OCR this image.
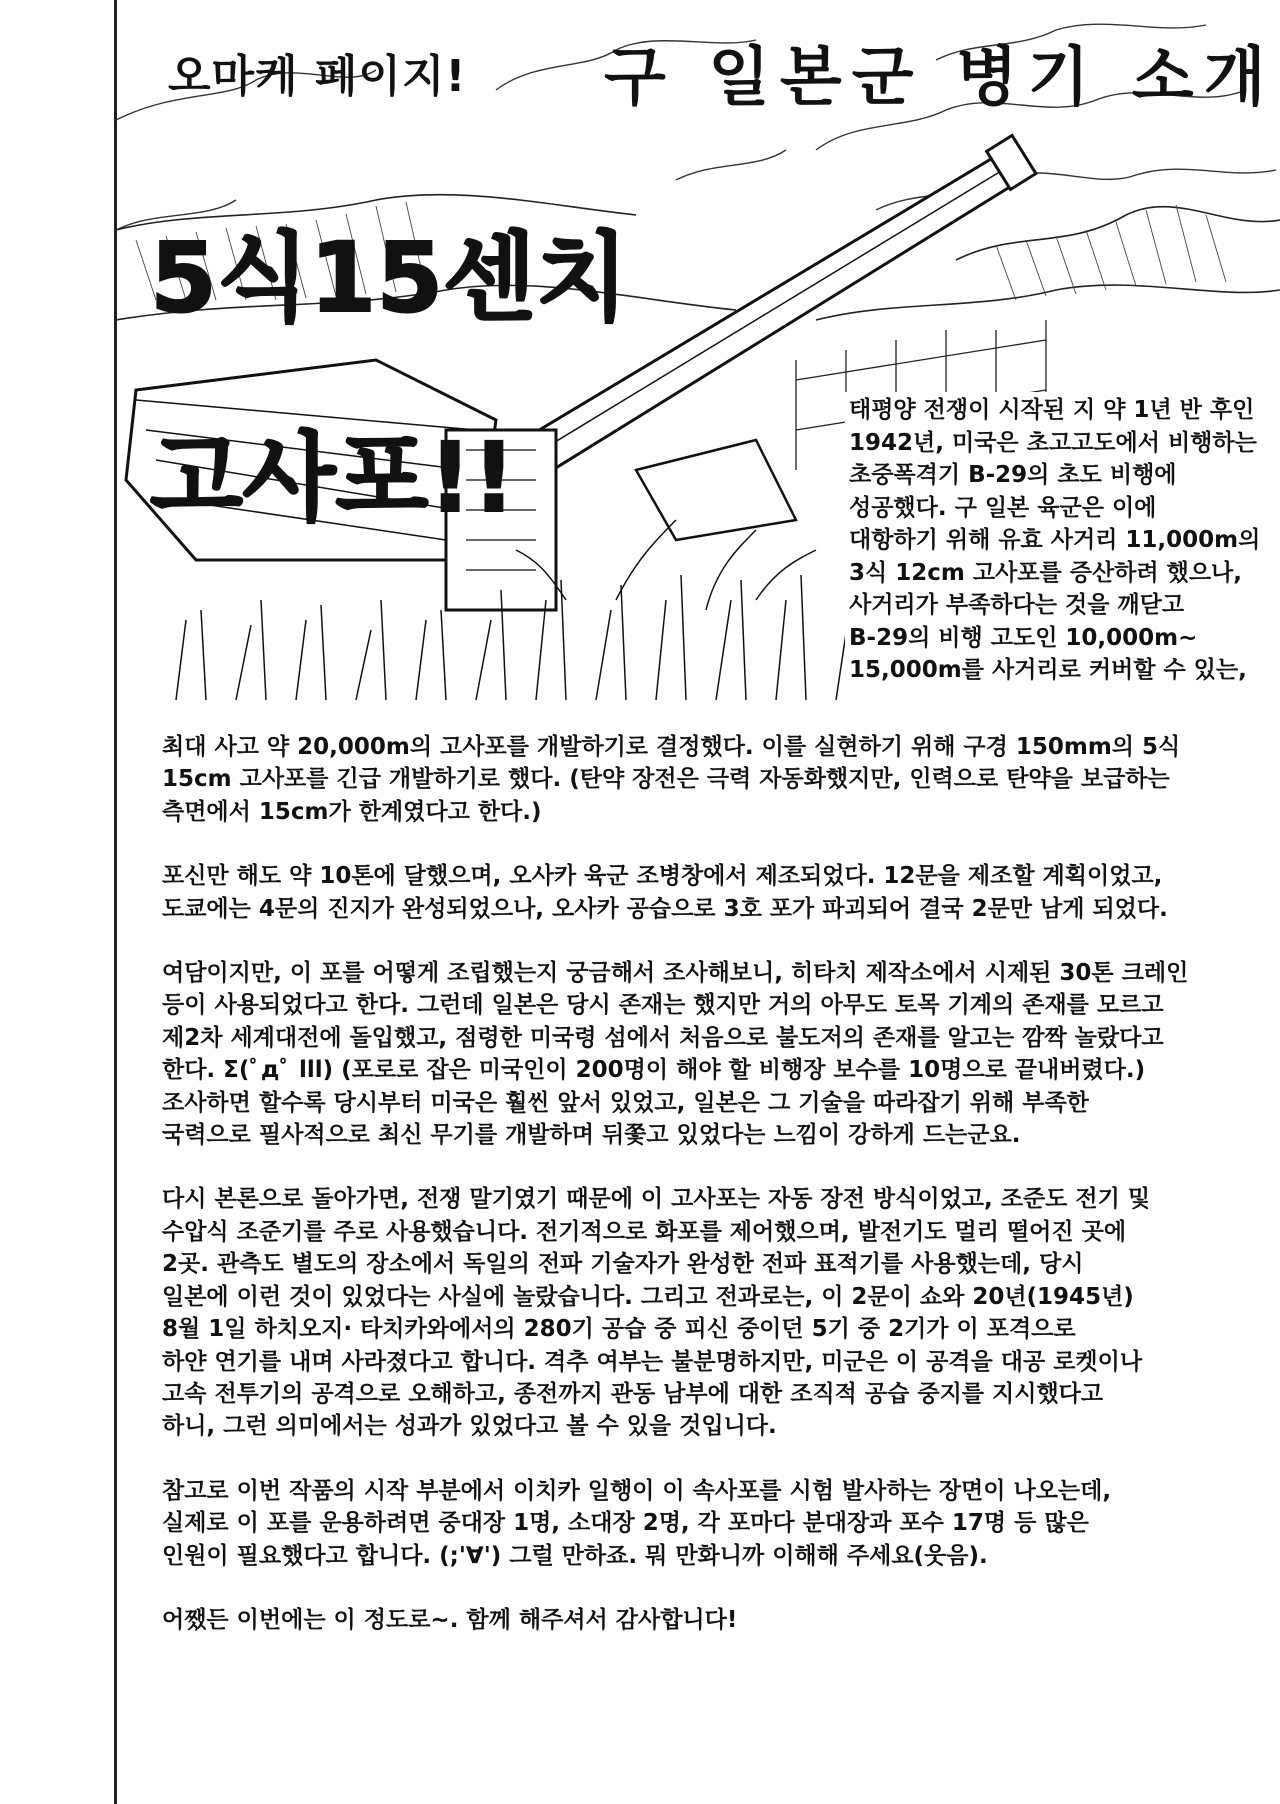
오마케 페이지! 구 일본군 병기 소개

5식15센치

고사포!!

태평양 전쟁이 시작된 지 약 1년 반 후인
1942년, 미국은 초고고도에서 비행하는
초중폭격기 B-29의 초도 비행에
성공했다. 구 일본 육군은 이에
대항하기 위해 유효 사거리 11,000m의
3식 12cm 고사포를 증산하려 했으나,
사거리가 부족하다는 것을 깨닫고
B-29의 비행 고도인 10,000m~
15,000m를 사거리로 커버할 수 있는,
최대 사고 약 20,000m의 고사포를 개발하기로 결정했다. 이를 실현하기 위해 구경 150mm의 5식
15cm 고사포를 긴급 개발하기로 했다. (탄약 장전은 극력 자동화했지만, 인력으로 탄약을 보급하는
측면에서 15cm가 한계였다고 한다.)
포신만 해도 약 10톤에 달했으며, 오사카 육군 조병창에서 제조되었다. 12문을 제조할 계획이었고,
도쿄에는 4문의 진지가 완성되었으나, 오사카 공습으로 3호 포가 파괴되어 결국 2문만 남게 되었다.
여담이지만, 이 포를 어떻게 조립했는지 궁금해서 조사해보니, 히타치 제작소에서 시제된 30톤 크레인
등이 사용되었다고 한다. 그런데 일본은 당시 존재는 했지만 거의 아무도 토목 기계의 존재를 모르고
제2차 세계대전에 돌입했고, 점령한 미국령 섬에서 처음으로 불도저의 존재를 알고는 깜짝 놀랐다고
한다. Σ(ﾟдﾟ lll) (포로로 잡은 미국인이 200명이 해야 할 비행장 보수를 10명으로 끝내버렸다.)
조사하면 할수록 당시부터 미국은 훨씬 앞서 있었고, 일본은 그 기술을 따라잡기 위해 부족한
국력으로 필사적으로 최신 무기를 개발하며 뒤쫓고 있었다는 느낌이 강하게 드는군요.
다시 본론으로 돌아가면, 전쟁 말기였기 때문에 이 고사포는 자동 장전 방식이었고, 조준도 전기 및
수압식 조준기를 주로 사용했습니다. 전기적으로 화포를 제어했으며, 발전기도 멀리 떨어진 곳에
2곳. 관측도 별도의 장소에서 독일의 전파 기술자가 완성한 전파 표적기를 사용했는데, 당시
일본에 이런 것이 있었다는 사실에 놀랐습니다. 그리고 전과로는, 이 2문이 쇼와 20년(1945년)
8월 1일 하치오지· 타치카와에서의 280기 공습 중 피신 중이던 5기 중 2기가 이 포격으로
하얀 연기를 내며 사라졌다고 합니다. 격추 여부는 불분명하지만, 미군은 이 공격을 대공 로켓이나
고속 전투기의 공격으로 오해하고, 종전까지 관동 남부에 대한 조직적 공습 중지를 지시했다고
하니, 그런 의미에서는 성과가 있었다고 볼 수 있을 것입니다.
참고로 이번 작품의 시작 부분에서 이치카 일행이 이 속사포를 시험 발사하는 장면이 나오는데,
실제로 이 포를 운용하려면 중대장 1명, 소대장 2명, 각 포마다 분대장과 포수 17명 등 많은
인원이 필요했다고 합니다. (;'∀') 그럴 만하죠. 뭐 만화니까 이해해 주세요(웃음).
어쨌든 이번에는 이 정도로~. 함께 해주셔서 감사합니다!
